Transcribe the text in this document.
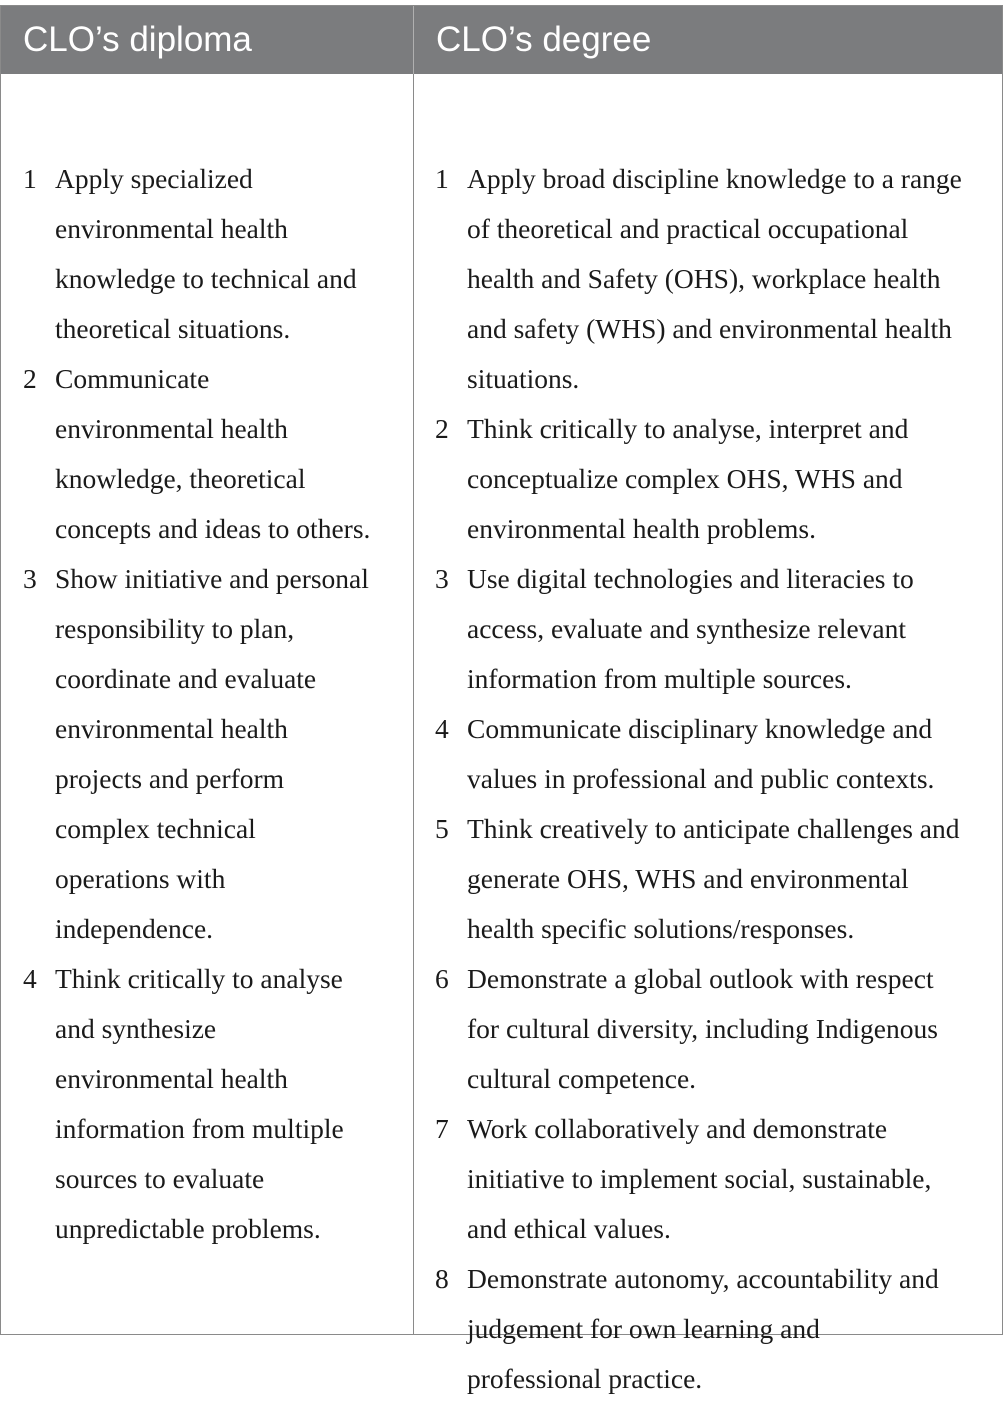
CLO’s diploma	CLO’s degree
1 Apply specialized
environmental health
knowledge to technical and
theoretical situations.
2 Communicate
environmental health
knowledge, theoretical
concepts and ideas to others.
3 Show initiative and personal
responsibility to plan,
coordinate and evaluate
environmental health
projects and perform
complex technical
operations with
independence.
4 Think critically to analyse
and synthesize
environmental health
information from multiple
sources to evaluate
unpredictable problems.
1 Apply broad discipline knowledge to a range
of theoretical and practical occupational
health and Safety (OHS), workplace health
and safety (WHS) and environmental health
situations.
2 Think critically to analyse, interpret and
conceptualize complex OHS, WHS and
environmental health problems.
3 Use digital technologies and literacies to
access, evaluate and synthesize relevant
information from multiple sources.
4 Communicate disciplinary knowledge and
values in professional and public contexts.
5 Think creatively to anticipate challenges and
generate OHS, WHS and environmental
health specific solutions/responses.
6 Demonstrate a global outlook with respect
for cultural diversity, including Indigenous
cultural competence.
7 Work collaboratively and demonstrate
initiative to implement social, sustainable,
and ethical values.
8 Demonstrate autonomy, accountability and
judgement for own learning and
professional practice.
